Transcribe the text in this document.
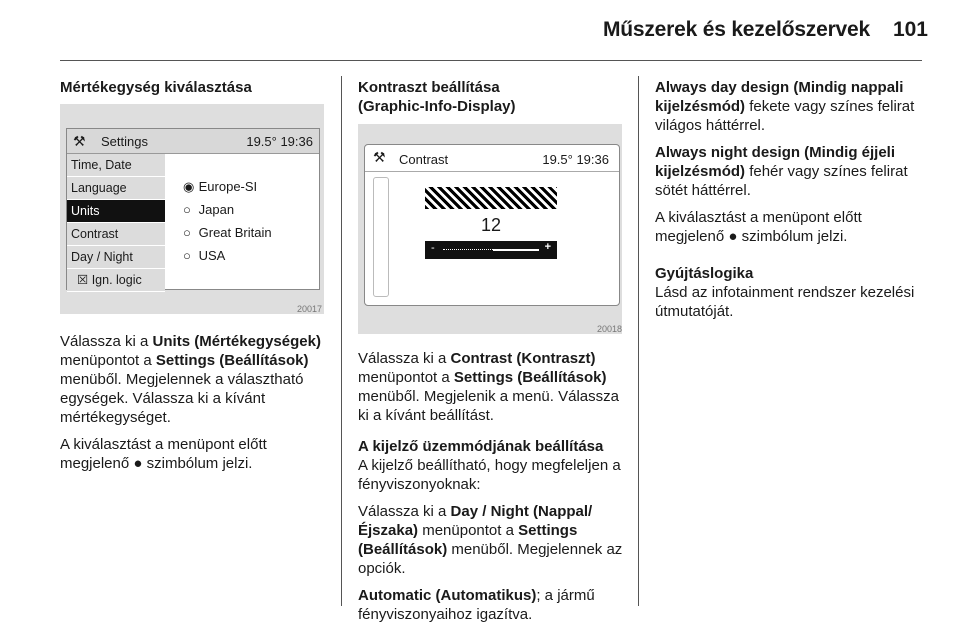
Műszerek és kezelőszervek	101
Mértékegység kiválasztása
⚒ Settings	19.5° 19:36
Time, Date
Language
Units
Contrast
Day / Night
☒ Ign. logic
◉ Europe-SI
○ Japan
○ Great Britain
○ USA
20017

Válassza ki a Units (Mértékegységek) menüpontot a Settings (Beállítások) menüből. Megjelennek a választható egységek. Válassza ki a kívánt mértékegységet.

A kiválasztást a menüpont előtt megjelenő ● szimbólum jelzi.

Kontraszt beállítása
(Graphic-Info-Display)
⚒ Contrast	19.5° 19:36
12
-	+
20018

Válassza ki a Contrast (Kontraszt) menüpontot a Settings (Beállítások) menüből. Megjelenik a menü. Válassza ki a kívánt beállítást.

A kijelző üzemmódjának beállítása

A kijelző beállítható, hogy megfeleljen a fényviszonyoknak:

Válassza ki a Day / Night (Nappal/ Éjszaka) menüpontot a Settings (Beállítások) menüből. Megjelennek az opciók.

Automatic (Automatikus); a jármű fényviszonyaihoz igazítva.

Always day design (Mindig nappali kijelzésmód) fekete vagy színes felirat világos háttérrel.

Always night design (Mindig éjjeli kijelzésmód) fehér vagy színes felirat sötét háttérrel.

A kiválasztást a menüpont előtt megjelenő ● szimbólum jelzi.

Gyújtáslogika

Lásd az infotainment rendszer kezelési útmutatóját.
